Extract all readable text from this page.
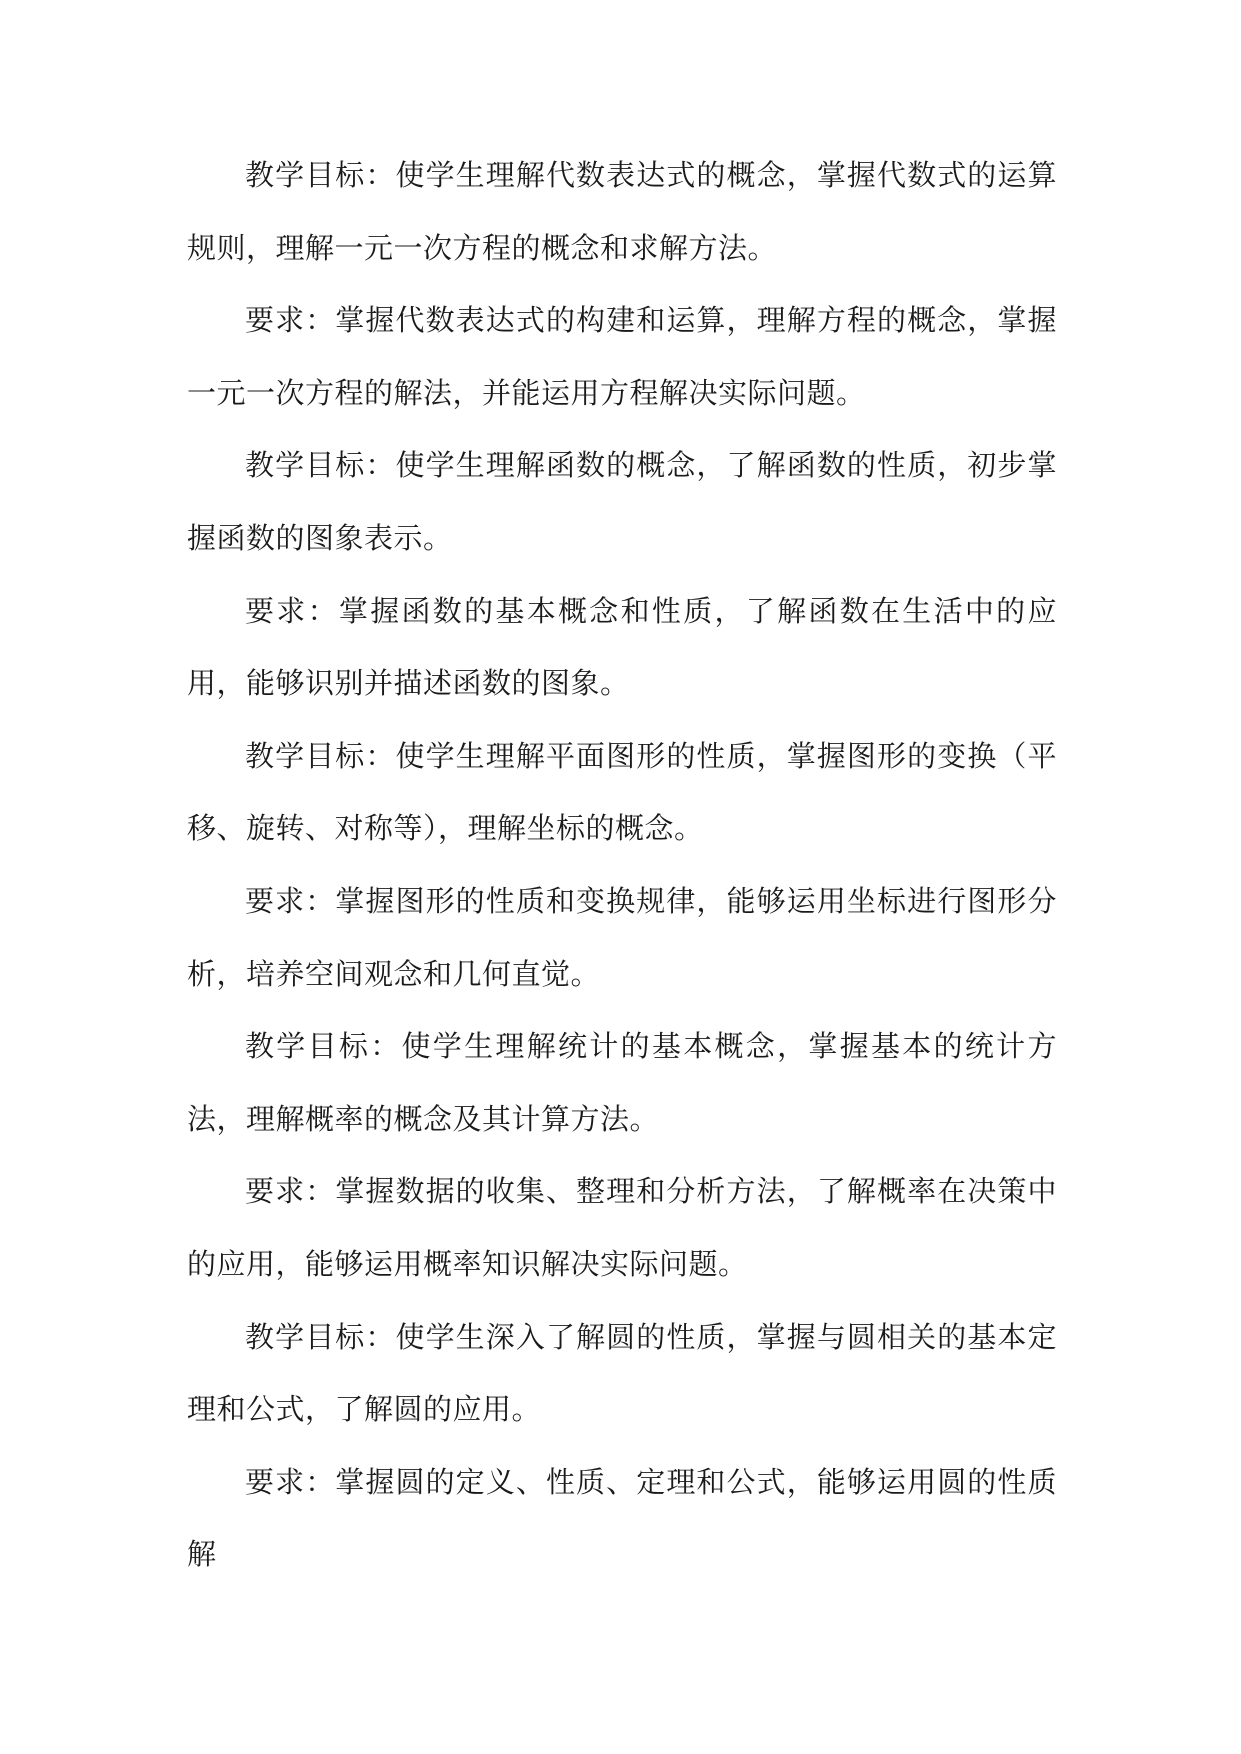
教学目标：使学生理解代数表达式的概念，掌握代数式的运算规则，理解一元一次方程的概念和求解方法。

要求：掌握代数表达式的构建和运算，理解方程的概念，掌握一元一次方程的解法，并能运用方程解决实际问题。

教学目标：使学生理解函数的概念，了解函数的性质，初步掌握函数的图象表示。

要求：掌握函数的基本概念和性质，了解函数在生活中的应用，能够识别并描述函数的图象。

教学目标：使学生理解平面图形的性质，掌握图形的变换（平移、旋转、对称等），理解坐标的概念。

要求：掌握图形的性质和变换规律，能够运用坐标进行图形分析，培养空间观念和几何直觉。

教学目标：使学生理解统计的基本概念，掌握基本的统计方法，理解概率的概念及其计算方法。

要求：掌握数据的收集、整理和分析方法，了解概率在决策中的应用，能够运用概率知识解决实际问题。

教学目标：使学生深入了解圆的性质，掌握与圆相关的基本定理和公式，了解圆的应用。

要求：掌握圆的定义、性质、定理和公式，能够运用圆的性质解
